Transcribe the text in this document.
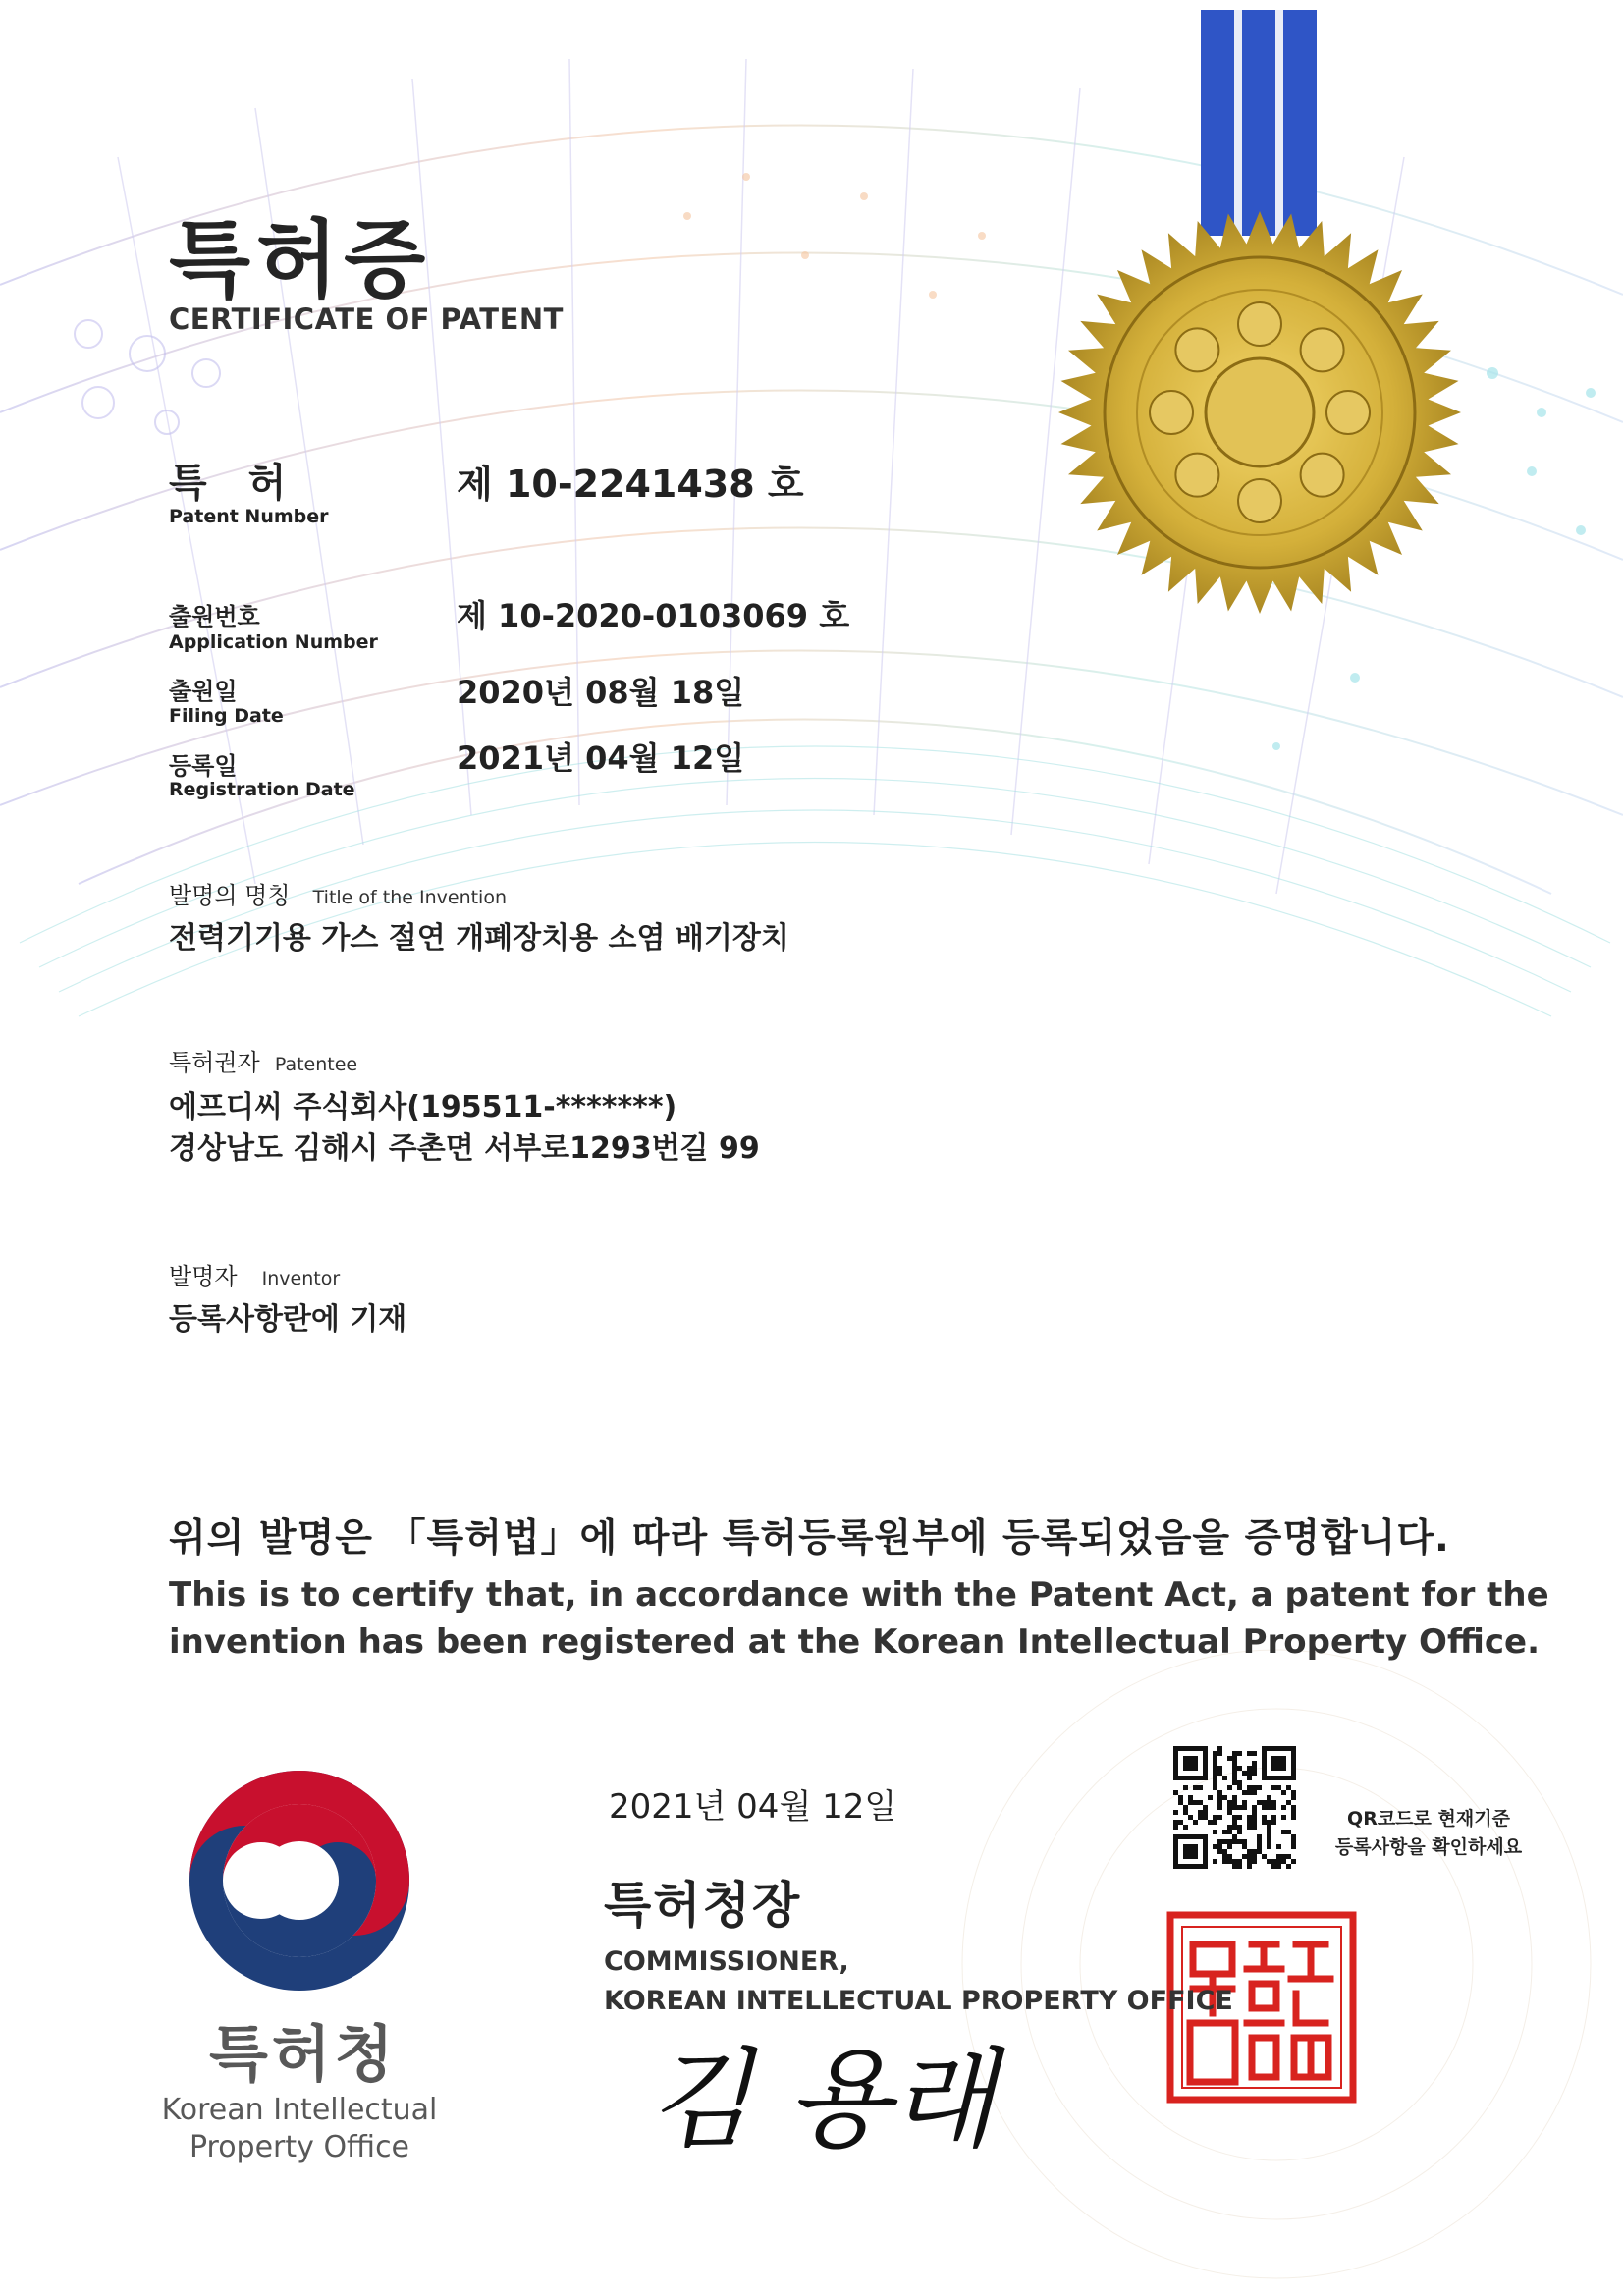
특허증
CERTIFICATE OF PATENT
특 허
Patent Number
제 10-2241438 호
출원번호
Application Number
제 10-2020-0103069 호
출원일
Filing Date
2020년 08월 18일
등록일
Registration Date
2021년 04월 12일
발명의 명칭 Title of the Invention
전력기기용 가스 절연 개폐장치용 소염 배기장치
특허권자 Patentee
에프디씨 주식회사(195511-*******)
경상남도 김해시 주촌면 서부로1293번길 99
발명자 Inventor
등록사항란에 기재
위의 발명은 「특허법」에 따라 특허등록원부에 등록되었음을 증명합니다.
This is to certify that, in accordance with the Patent Act, a patent for the
invention has been registered at the Korean Intellectual Property Office.
2021년 04월 12일	QR코드로 현재기준
등록사항을 확인하세요
특허청장
COMMISSIONER,
KOREAN INTELLECTUAL PROPERTY OFFICE
김 용래
특허청
Korean Intellectual
Property Office
